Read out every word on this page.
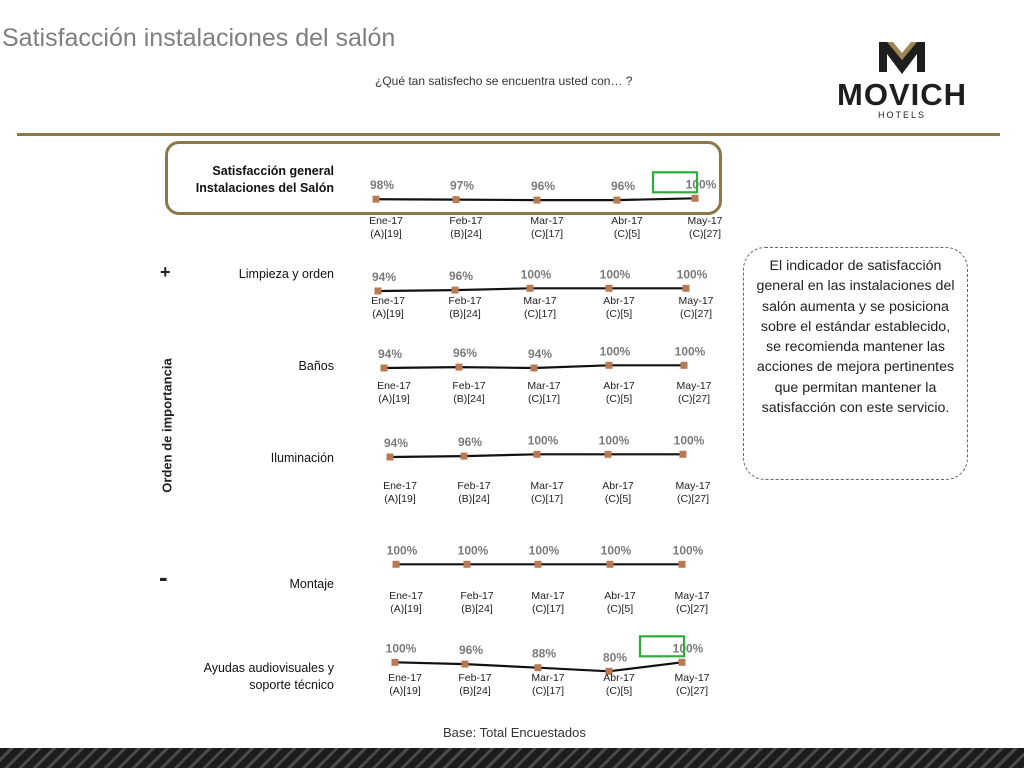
Satisfacción instalaciones del salón
¿Qué tan satisfecho se encuentra usted con… ?	MOVICH
HOTELS
Orden de importancia
+
-
Satisfacción general
Instalaciones del Salón
Limpieza y orden
Baños
Iluminación
Montaje
Ayudas audiovisuales y
soporte técnico
98%
Ene-17
(A)[19]
97%
Feb-17
(B)[24]
96%
Mar-17
(C)[17]
96%
Abr-17
(C)[5]
100%
May-17
(C)[27]
94%
Ene-17
(A)[19]
96%
Feb-17
(B)[24]
100%
Mar-17
(C)[17]
100%
Abr-17
(C)[5]
100%
May-17
(C)[27]
94%
Ene-17
(A)[19]
96%
Feb-17
(B)[24]
94%
Mar-17
(C)[17]
100%
Abr-17
(C)[5]
100%
May-17
(C)[27]
94%
Ene-17
(A)[19]
96%
Feb-17
(B)[24]
100%
Mar-17
(C)[17]
100%
Abr-17
(C)[5]
100%
May-17
(C)[27]
100%
Ene-17
(A)[19]
100%
Feb-17
(B)[24]
100%
Mar-17
(C)[17]
100%
Abr-17
(C)[5]
100%
May-17
(C)[27]
100%
Ene-17
(A)[19]
96%
Feb-17
(B)[24]
88%
Mar-17
(C)[17]
80%
Abr-17
(C)[5]
100%
May-17
(C)[27]
El indicador de satisfacción general en las instalaciones del salón aumenta y se posiciona sobre el estándar establecido, se recomienda mantener las acciones de mejora pertinentes que permitan mantener la satisfacción con este servicio.
Base: Total Encuestados
